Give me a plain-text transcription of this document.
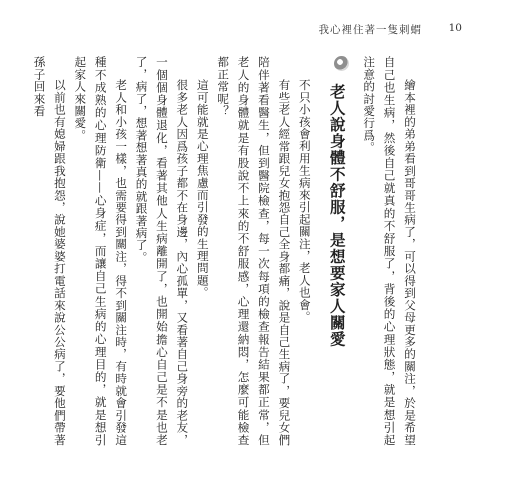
我心裡住著一隻刺蝟	10

繪本裡的弟弟看到哥哥生病了，可以得到父母更多的關注，於是希望自己也生病，然後自己就真的不舒服了，背後的心理狀態，就是想引起注意的討愛行爲。

老人說身體不舒服，是想要家人關愛

不只小孩會利用生病來引起關注，老人也會。

有些老人經常跟兒女抱怨自己全身都痛，說是自己生病了，要兒女們陪伴著看醫生，但到醫院檢查，每一次每項的檢查報告結果都正常，但老人的身體就是有股說不上來的不舒服感，心理還納悶，怎麼可能檢查都正常呢？

這可能就是心理焦慮而引發的生理問題。

很多老人因爲孩子都不在身邊，內心孤單，又看著自己身旁的老友，一個個身體退化，看著其他人生病離開了，也開始擔心自己是不是也老了，病了，想著想著真的就跟著病了。

老人和小孩一樣，也需要得到關注，得不到關注時，有時就會引發這種不成熟的心理防衛——心身症，而讓自己生病的心理目的，就是想引起家人來關愛。

以前也有媳婦跟我抱怨，說她婆婆打電話來說公公病了，要他們帶著孫子回來看
